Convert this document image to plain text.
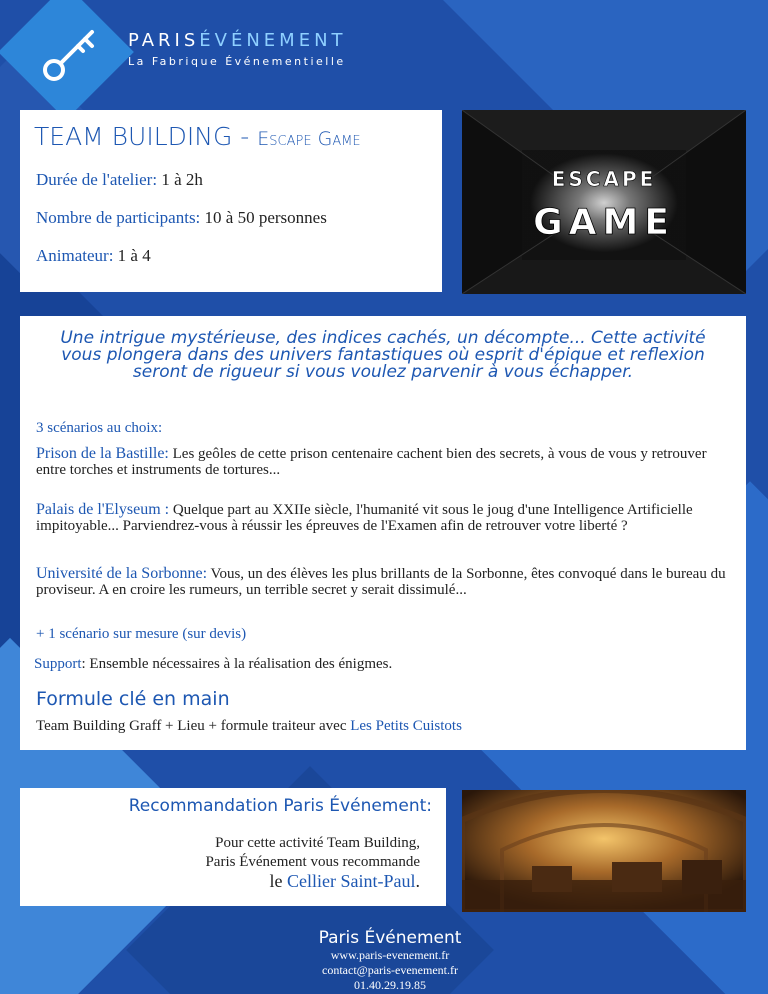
PARISÉVÉNEMENT
La Fabrique Événementielle
TEAM BUILDING - Escape Game
Durée de l'atelier: 1 à 2h
Nombre de participants: 10 à 50 personnes
Animateur: 1 à 4
ESCAPE
GAME
Une intrigue mystérieuse, des indices cachés, un décompte... Cette activité vous plongera dans des univers fantastiques où esprit d'épique et reflexion seront de rigueur si vous voulez parvenir à vous échapper.
3 scénarios au choix:
Prison de la Bastille: Les geôles de cette prison centenaire cachent bien des secrets, à vous de vous y retrouver entre torches et instruments de tortures...
Palais de l'Elyseum : Quelque part au XXIIe siècle, l'humanité vit sous le joug d'une Intelligence Artificielle impitoyable... Parviendrez-vous à réussir les épreuves de l'Examen afin de retrouver votre liberté ?
Université de la Sorbonne: Vous, un des élèves les plus brillants de la Sorbonne, êtes convoqué dans le bureau du proviseur. A en croire les rumeurs, un terrible secret y serait dissimulé...
+ 1 scénario sur mesure (sur devis)
Support: Ensemble nécessaires à la réalisation des énigmes.
Formule clé en main
Team Building Graff + Lieu + formule traiteur avec Les Petits Cuistots
Recommandation Paris Événement:
Pour cette activité Team Building,
Paris Événement vous recommande
le Cellier Saint-Paul.
Paris Événement
www.paris-evenement.fr
contact@paris-evenement.fr
01.40.29.19.85
